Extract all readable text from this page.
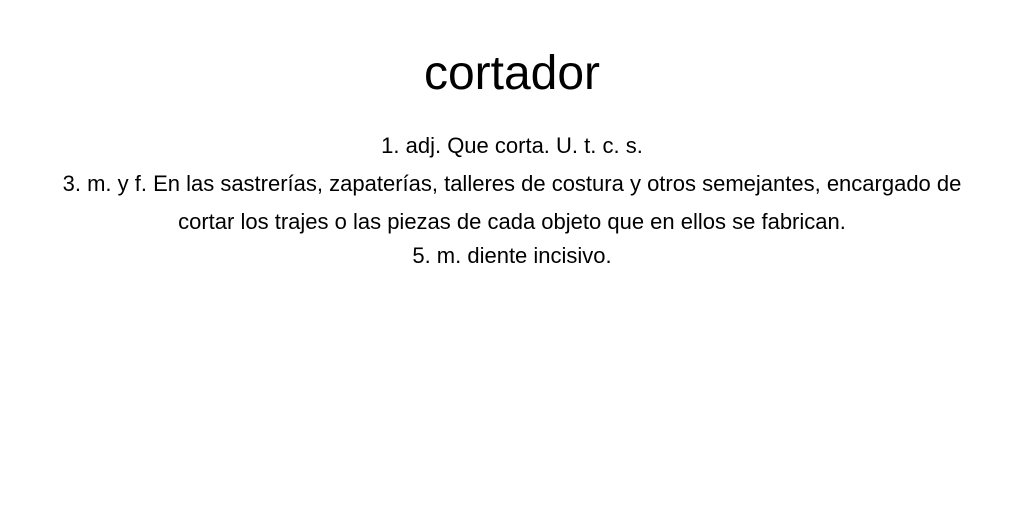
cortador
1. adj. Que corta. U. t. c. s.
3. m. y f. En las sastrerías, zapaterías, talleres de costura y otros semejantes, encargado de cortar los trajes o las piezas de cada objeto que en ellos se fabrican.
5. m. diente incisivo.
